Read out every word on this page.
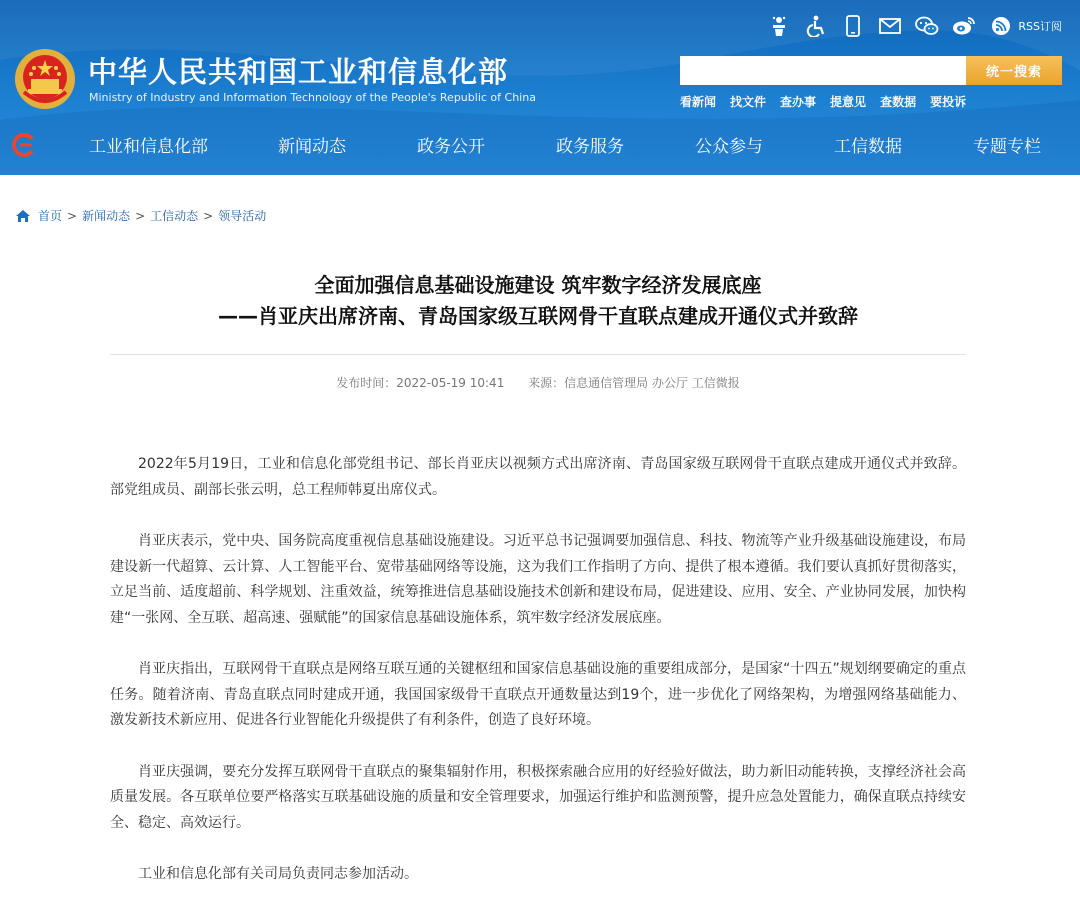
中华人民共和国工业和信息化部
Ministry of Industry and Information Technology of the People's Republic of China
RSS订阅
统一搜索
看新闻 找文件 查办事 提意见 查数据 要投诉
工业和信息化部	新闻动态	政务公开	政务服务	公众参与	工信数据	专题专栏
首页 > 新闻动态 > 工信动态 > 领导活动
全面加强信息基础设施建设 筑牢数字经济发展底座
——肖亚庆出席济南、青岛国家级互联网骨干直联点建成开通仪式并致辞
发布时间：2022-05-19 10:41 来源：信息通信管理局 办公厅 工信微报

2022年5月19日，工业和信息化部党组书记、部长肖亚庆以视频方式出席济南、青岛国家级互联网骨干直联点建成开通仪式并致辞。部党组成员、副部长张云明，总工程师韩夏出席仪式。

肖亚庆表示，党中央、国务院高度重视信息基础设施建设。习近平总书记强调要加强信息、科技、物流等产业升级基础设施建设，布局建设新一代超算、云计算、人工智能平台、宽带基础网络等设施，这为我们工作指明了方向、提供了根本遵循。我们要认真抓好贯彻落实，立足当前、适度超前、科学规划、注重效益，统筹推进信息基础设施技术创新和建设布局，促进建设、应用、安全、产业协同发展，加快构建“一张网、全互联、超高速、强赋能”的国家信息基础设施体系，筑牢数字经济发展底座。

肖亚庆指出，互联网骨干直联点是网络互联互通的关键枢纽和国家信息基础设施的重要组成部分，是国家“十四五”规划纲要确定的重点任务。随着济南、青岛直联点同时建成开通，我国国家级骨干直联点开通数量达到19个，进一步优化了网络架构，为增强网络基础能力、激发新技术新应用、促进各行业智能化升级提供了有利条件，创造了良好环境。

肖亚庆强调，要充分发挥互联网骨干直联点的聚集辐射作用，积极探索融合应用的好经验好做法，助力新旧动能转换，支撑经济社会高质量发展。各互联单位要严格落实互联基础设施的质量和安全管理要求，加强运行维护和监测预警，提升应急处置能力，确保直联点持续安全、稳定、高效运行。

工业和信息化部有关司局负责同志参加活动。
